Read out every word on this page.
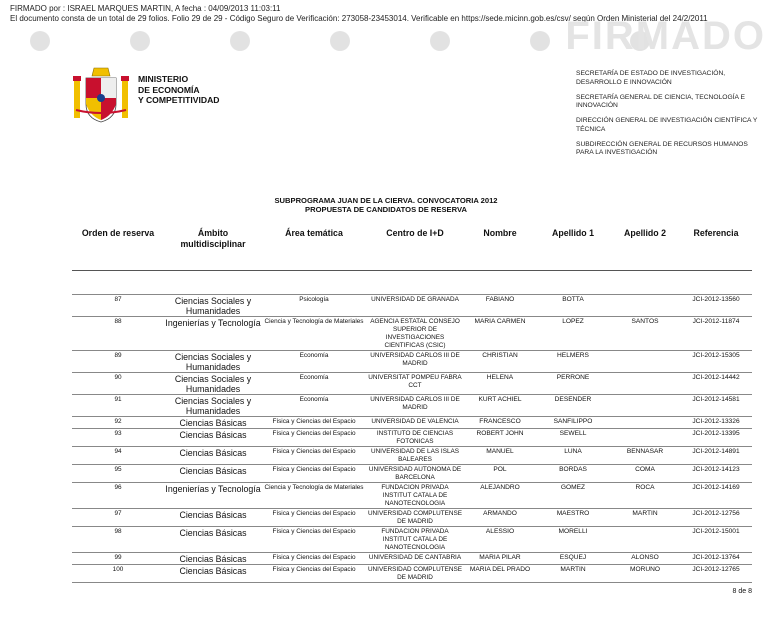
FIRMADO por : ISRAEL MARQUES MARTIN, A fecha : 04/09/2013 11:03:11
El documento consta de un total de 29 folios. Folio 29 de 29 - Código Seguro de Verificación: 273058-23453014. Verificable en https://sede.micinn.gob.es/csv/ según Orden Ministerial del 24/2/2011
FIRMADO
MINISTERIO
DE ECONOMÍA
Y COMPETITIVIDAD
SECRETARÍA DE ESTADO DE INVESTIGACIÓN, DESARROLLO E INNOVACIÓN
SECRETARÍA GENERAL DE CIENCIA, TECNOLOGÍA E INNOVACIÓN
DIRECCIÓN GENERAL DE INVESTIGACIÓN CIENTÍFICA Y TÉCNICA
SUBDIRECCIÓN GENERAL DE RECURSOS HUMANOS PARA LA INVESTIGACIÓN
SUBPROGRAMA JUAN DE LA CIERVA. CONVOCATORIA 2012
PROPUESTA DE CANDIDATOS DE RESERVA
Orden de reserva	Ámbito multidisciplinar	Área temática	Centro de I+D	Nombre	Apellido 1	Apellido 2	Referencia

87	Ciencias Sociales y Humanidades	Psicología	UNIVERSIDAD DE GRANADA	FABIANO	BOTTA		JCI-2012-13560
88	Ingenierías y Tecnología	Ciencia y Tecnología de Materiales	AGENCIA ESTATAL CONSEJO SUPERIOR DE INVESTIGACIONES CIENTIFICAS (CSIC)	MARIA CARMEN	LOPEZ	SANTOS	JCI-2012-11874
89	Ciencias Sociales y Humanidades	Economía	UNIVERSIDAD CARLOS III DE MADRID	CHRISTIAN	HELMERS		JCI-2012-15305
90	Ciencias Sociales y Humanidades	Economía	UNIVERSITAT POMPEU FABRA CCT	HELENA	PERRONE		JCI-2012-14442
91	Ciencias Sociales y Humanidades	Economía	UNIVERSIDAD CARLOS III DE MADRID	KURT ACHIEL	DESENDER		JCI-2012-14581
92	Ciencias Básicas	Física y Ciencias del Espacio	UNIVERSIDAD DE VALENCIA	FRANCESCO	SANFILIPPO		JCI-2012-13326
93	Ciencias Básicas	Física y Ciencias del Espacio	INSTITUTO DE CIENCIAS FOTONICAS	ROBERT JOHN	SEWELL		JCI-2012-13395
94	Ciencias Básicas	Física y Ciencias del Espacio	UNIVERSIDAD DE LAS ISLAS BALEARES	MANUEL	LUNA	BENNASAR	JCI-2012-14891
95	Ciencias Básicas	Física y Ciencias del Espacio	UNIVERSIDAD AUTONOMA DE BARCELONA	POL	BORDAS	COMA	JCI-2012-14123
96	Ingenierías y Tecnología	Ciencia y Tecnología de Materiales	FUNDACION PRIVADA INSTITUT CATALA DE NANOTECNOLOGIA	ALEJANDRO	GOMEZ	ROCA	JCI-2012-14169
97	Ciencias Básicas	Física y Ciencias del Espacio	UNIVERSIDAD COMPLUTENSE DE MADRID	ARMANDO	MAESTRO	MARTIN	JCI-2012-12756
98	Ciencias Básicas	Física y Ciencias del Espacio	FUNDACION PRIVADA INSTITUT CATALA DE NANOTECNOLOGIA	ALESSIO	MORELLI		JCI-2012-15001
99	Ciencias Básicas	Física y Ciencias del Espacio	UNIVERSIDAD DE CANTABRIA	MARIA PILAR	ESQUEJ	ALONSO	JCI-2012-13764
100	Ciencias Básicas	Física y Ciencias del Espacio	UNIVERSIDAD COMPLUTENSE DE MADRID	MARIA DEL PRADO	MARTIN	MORUNO	JCI-2012-12765
8 de 8
